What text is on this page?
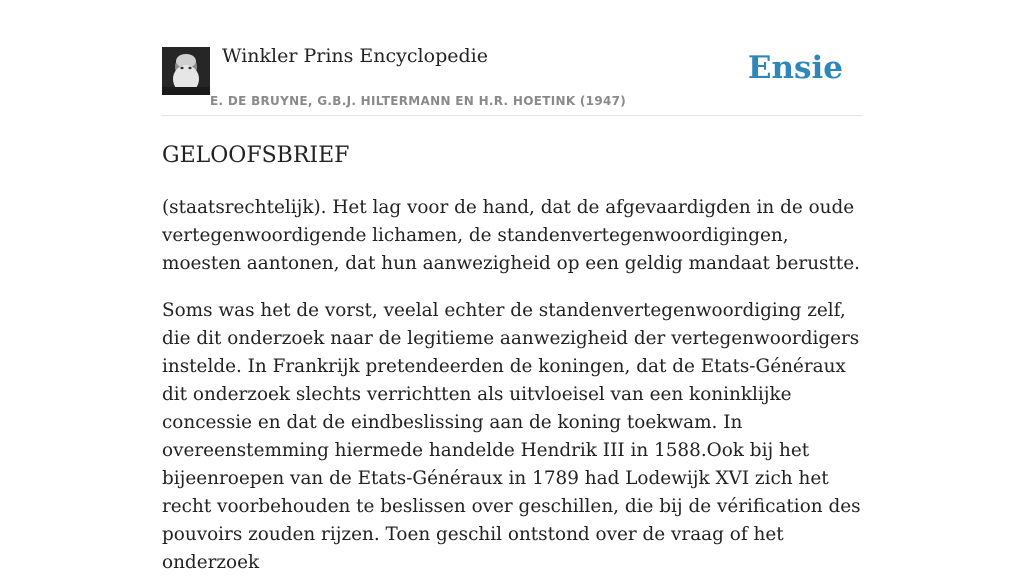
Winkler Prins Encyclopedie
E. DE BRUYNE, G.B.J. HILTERMANN EN H.R. HOETINK (1947)
Ensie
GELOOFSBRIEF

(staatsrechtelijk). Het lag voor de hand, dat de afgevaardigden in de oude vertegenwoordigende lichamen, de standenvertegenwoordigingen, moesten aantonen, dat hun aanwezigheid op een geldig mandaat berustte.

Soms was het de vorst, veelal echter de standenvertegenwoordiging zelf, die dit onderzoek naar de legitieme aanwezigheid der vertegenwoordigers instelde. In Frankrijk pretendeerden de koningen, dat de Etats-Généraux dit onderzoek slechts verrichtten als uitvloeisel van een koninklijke concessie en dat de eindbeslissing aan de koning toekwam. In overeenstemming hiermede handelde Hendrik III in 1588.Ook bij het bijeenroepen van de Etats-Généraux in 1789 had Lodewijk XVI zich het recht voorbehouden te beslissen over geschillen, die bij de vérification des pouvoirs zouden rijzen. Toen geschil ontstond over de vraag of het onderzoek
